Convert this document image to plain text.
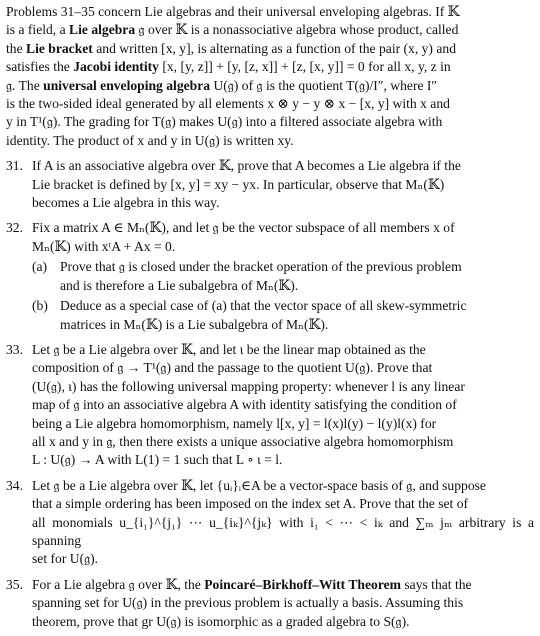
Problems 31–35 concern Lie algebras and their universal enveloping algebras. If 𝕂
is a field, a Lie algebra 𝔤 over 𝕂 is a nonassociative algebra whose product, called
the Lie bracket and written [x, y], is alternating as a function of the pair (x, y) and
satisfies the Jacobi identity [x, [y, z]] + [y, [z, x]] + [z, [x, y]] = 0 for all x, y, z in
𝔤. The universal enveloping algebra U(𝔤) of 𝔤 is the quotient T(𝔤)/I″, where I″
is the two-sided ideal generated by all elements x ⊗ y − y ⊗ x − [x, y] with x and
y in T¹(𝔤). The grading for T(𝔤) makes U(𝔤) into a filtered associate algebra with
identity. The product of x and y in U(𝔤) is written xy.
31. If A is an associative algebra over 𝕂, prove that A becomes a Lie algebra if the
Lie bracket is defined by [x, y] = xy − yx. In particular, observe that Mₙ(𝕂)
becomes a Lie algebra in this way.
32. Fix a matrix A ∈ Mₙ(𝕂), and let 𝔤 be the vector subspace of all members x of
Mₙ(𝕂) with xᵗA + Ax = 0.
(a) Prove that 𝔤 is closed under the bracket operation of the previous problem
and is therefore a Lie subalgebra of Mₙ(𝕂).
(b) Deduce as a special case of (a) that the vector space of all skew-symmetric
matrices in Mₙ(𝕂) is a Lie subalgebra of Mₙ(𝕂).
33. Let 𝔤 be a Lie algebra over 𝕂, and let ι be the linear map obtained as the
composition of 𝔤 → T¹(𝔤) and the passage to the quotient U(𝔤). Prove that
(U(𝔤), ι) has the following universal mapping property: whenever l is any linear
map of 𝔤 into an associative algebra A with identity satisfying the condition of
being a Lie algebra homomorphism, namely l[x, y] = l(x)l(y) − l(y)l(x) for
all x and y in 𝔤, then there exists a unique associative algebra homomorphism
L : U(𝔤) → A with L(1) = 1 such that L ∘ ι = l.
34. Let 𝔤 be a Lie algebra over 𝕂, let {uᵢ}ᵢ∈A be a vector-space basis of 𝔤, and suppose
that a simple ordering has been imposed on the index set A. Prove that the set of
all monomials u_{i₁}^{j₁} ⋯ u_{iₖ}^{jₖ} with i₁ < ⋯ < iₖ and ∑ₘ jₘ arbitrary is a spanning
set for U(𝔤).
35. For a Lie algebra 𝔤 over 𝕂, the Poincaré–Birkhoff–Witt Theorem says that the
spanning set for U(𝔤) in the previous problem is actually a basis. Assuming this
theorem, prove that gr U(𝔤) is isomorphic as a graded algebra to S(𝔤).
